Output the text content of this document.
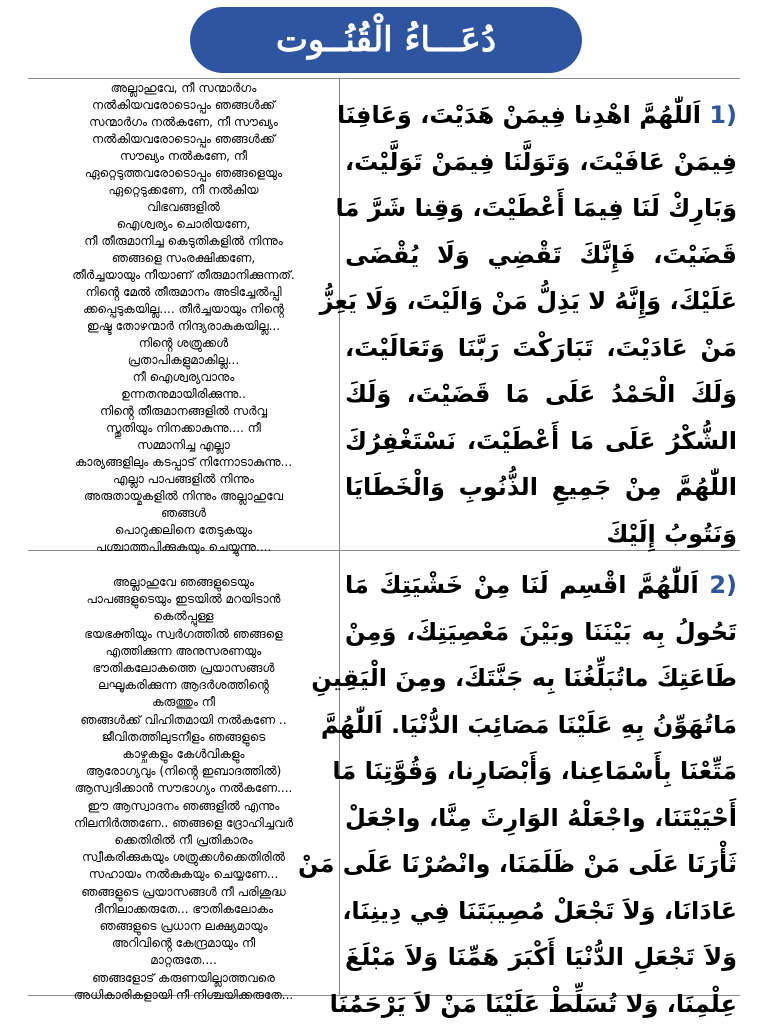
دُعَـــاءُ الْقُنُــوت
അല്ലാഹുവേ, നീ സന്മാർഗം
നൽകിയവരോടൊപ്പം ഞങ്ങൾക്ക്
സന്മാർഗം നൽകണേ, നീ സൗഖ്യം
നൽകിയവരോടൊപ്പം ഞങ്ങൾക്ക്
സൗഖ്യം നൽകണേ, നീ
ഏറ്റെടുത്തവരോടൊപ്പം ഞങ്ങളെയും
ഏറ്റെടുക്കണേ, നീ നൽകിയ
വിഭവങ്ങളിൽ
ഐശ്വര്യം ചൊരിയണേ,
നീ തീരുമാനിച്ച കെടുതികളിൽ നിന്നും
ഞങ്ങളെ സംരക്ഷിക്കണേ,
തീർച്ചയായും നീയാണ് തീരുമാനിക്കുന്നത്.
നിൻ്റെ മേൽ തീരുമാനം അടിച്ചേൽപ്പി
ക്കപ്പെടുകയില്ല.... തീർച്ചയായും നിൻ്റെ
ഇഷ്ട തോഴന്മാർ നിന്ദ്യരാകുകയില്ല...
നിൻ്റെ ശത്രുക്കൾ
പ്രതാപികളുമാകില്ല...
നീ ഐശ്വര്യവാനും
ഉന്നതനുമായിരിക്കുന്നു..
നിൻ്റെ തീരുമാനങ്ങളിൽ സർവ്വ
സ്തുതിയും നിനക്കാകുന്നു.... നീ
സമ്മാനിച്ച എല്ലാ
കാര്യങ്ങളിലും കടപ്പാട് നിന്നോടാകുന്നു...
എല്ലാ പാപങ്ങളിൽ നിന്നും
അരുതായ്മകളിൽ നിന്നും അല്ലാഹുവേ
ഞങ്ങൾ
പൊറുക്കലിനെ തേടുകയും
പശ്ചാത്തപിക്കുകയും ചെയ്യുന്നു....
(1 اَللّٰهُمَّ اهْدِنا فِيمَنْ هَدَيْتَ، وَعَافِنَا
فِيمَنْ عَافَيْتَ، وَتَوَلَّنَا فِيمَنْ تَوَلَّيْتَ،
وَبَارِكْ لَنَا فِيمَا أَعْطَيْتَ، وَقِنا شَرَّ مَا
قَضَيْتَ، فَإِنَّكَ تَقْضِي وَلَا يُقْضَى
عَلَيْكَ، وَإِنَّهُ لا يَذِلُّ مَنْ وَالَيْتَ، وَلَا يَعِزُّ
مَنْ عَادَيْتَ، تَبَارَكْتَ رَبَّنَا وَتَعَالَيْتَ،
وَلَكَ الْحَمْدُ عَلَى مَا قَضَيْتَ، وَلَكَ
الشُّكْرُ عَلَى مَا أَعْطَيْتَ، نَسْتَغْفِرُكَ
اللّٰهُمَّ مِنْ جَمِيعِ الذُّنُوبِ وَالْخَطَايَا
وَنَتُوبُ إِلَيْكَ
അല്ലാഹുവേ ഞങ്ങളുടെയും
പാപങ്ങളുടെയും ഇടയിൽ മറയിടാൻ
കെൽപ്പുള്ള
ഭയഭക്തിയും സ്വർഗത്തിൽ ഞങ്ങളെ
എത്തിക്കുന്ന അനുസരണയും
ഭൗതികലോകത്തെ പ്രയാസങ്ങൾ
ലഘൂകരിക്കുന്ന ആദർശത്തിൻ്റെ
കരുത്തും നീ
ഞങ്ങൾക്ക് വിഹിതമായി നൽകണേ ..
ജീവിതത്തിലുടനീളം ഞങ്ങളുടെ
കാഴ്ചകളും കേൾവികളും
ആരോഗ്യവും (നിൻ്റെ ഇബാദത്തിൽ)
ആസ്വദിക്കാൻ സൗഭാഗ്യം നൽകണേ....
ഈ ആസ്വാദനം ഞങ്ങളിൽ എന്നും
നിലനിർത്തണേ.. ഞങ്ങളെ ദ്രോഹിച്ചവർ
ക്കെതിരിൽ നീ പ്രതികാരം
സ്വീകരിക്കുകയും ശത്രുക്കൾക്കെതിരിൽ
സഹായം നൽകുകയും ചെയ്യണേ...
ഞങ്ങളുടെ പ്രയാസങ്ങൾ നീ പരിശുദ്ധ
ദീനിലാക്കരുതേ... ഭൗതികലോകം
ഞങ്ങളുടെ പ്രധാന ലക്ഷ്യമായും
അറിവിൻ്റെ കേന്ദ്രമായും നീ
മാറ്റരുതേ....
ഞങ്ങളോട് കരുണയില്ലാത്തവരെ
അധികാരികളായി നീ നിശ്ചയിക്കരുതേ...
(2 اَللّٰهُمَّ اقْسِم لَنَا مِنْ خَشْيَتِكَ مَا
تَحُولُ بِه بَيْنَنَا وبَيْنَ مَعْصِيَتِكَ، وَمِنْ
طَاعَتِكَ ماتُبَلِّغُنَا بِه جَنَّتَكَ، ومِنَ الْيَقِينِ
مَاتُهَوِّنُ بِهِ عَلَيْنَا مَصَائِبَ الدُّنْيَا. اَللّٰهُمَّ
مَتِّعْنَا بِأَسْمَاعِنا، وَأَبْصَارِنا، وَقُوَّتِنَا مَا
أَحْيَيْتَنَا، واجْعَلْهُ الوَارِثَ مِنَّا، واجْعَلْ
ثَأْرَنَا عَلَى مَنْ ظَلَمَنَا، وانْصُرْنَا عَلَى مَنْ
عَادَانَا، وَلاَ تَجْعَلْ مُصِيبَتَنَا فِي دِينِنَا،
وَلاَ تَجْعَلِ الدُّنْيَا أَكْبَرَ هَمِّنَا وَلاَ مَبْلَغَ
عِلْمِنَا، وَلا تُسَلِّطْ عَلَيْنَا مَنْ لاَ يَرْحَمُنَا
